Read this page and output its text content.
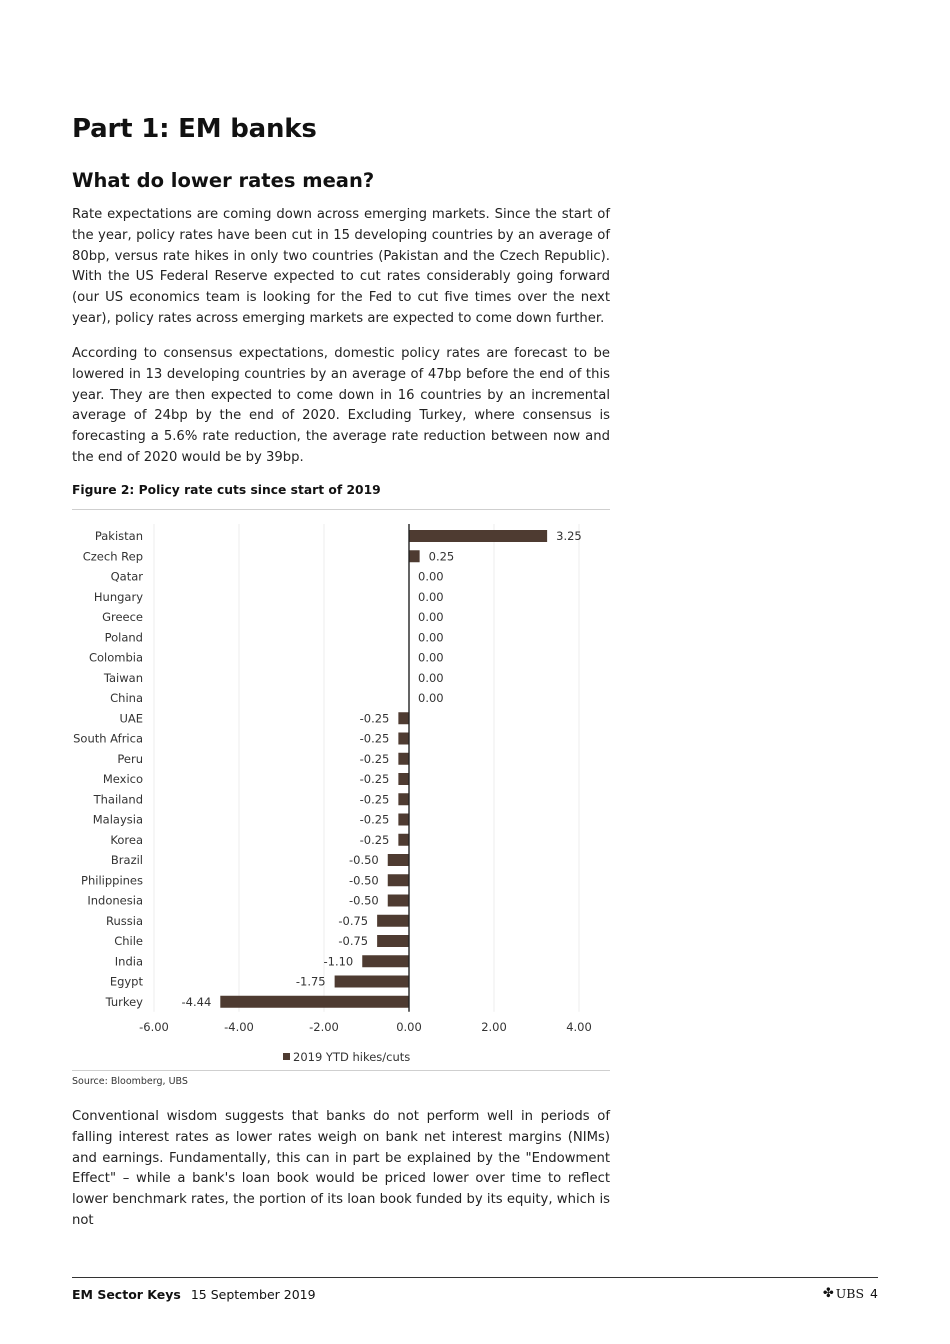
Part 1: EM banks
What do lower rates mean?

Rate expectations are coming down across emerging markets. Since the start of the year, policy rates have been cut in 15 developing countries by an average of 80bp, versus rate hikes in only two countries (Pakistan and the Czech Republic). With the US Federal Reserve expected to cut rates considerably going forward (our US economics team is looking for the Fed to cut five times over the next year), policy rates across emerging markets are expected to come down further.

According to consensus expectations, domestic policy rates are forecast to be lowered in 13 developing countries by an average of 47bp before the end of this year. They are then expected to come down in 16 countries by an incremental average of 24bp by the end of 2020. Excluding Turkey, where consensus is forecasting a 5.6% rate reduction, the average rate reduction between now and the end of 2020 would be by 39bp.

Figure 2: Policy rate cuts since start of 2019
Pakistan	3.25
Czech Rep	0.25
Qatar	0.00
Hungary	0.00
Greece	0.00
Poland	0.00
Colombia	0.00
Taiwan	0.00
China	0.00
UAE	-0.25
South Africa	-0.25
Peru	-0.25
Mexico	-0.25
Thailand	-0.25
Malaysia	-0.25
Korea	-0.25
Brazil	-0.50
Philippines	-0.50
Indonesia	-0.50
Russia	-0.75
Chile	-0.75
India	-1.10
Egypt	-1.75
Turkey	-4.44
-6.00	-4.00	-2.00	0.00	2.00	4.00
2019 YTD hikes/cuts
Source: Bloomberg, UBS

Conventional wisdom suggests that banks do not perform well in periods of falling interest rates as lower rates weigh on bank net interest margins (NIMs) and earnings. Fundamentally, this can in part be explained by the "Endowment Effect" – while a bank's loan book would be priced lower over time to reflect lower benchmark rates, the portion of its loan book funded by its equity, which is not

EM Sector Keys 15 September 2019	✤ UBS 4
